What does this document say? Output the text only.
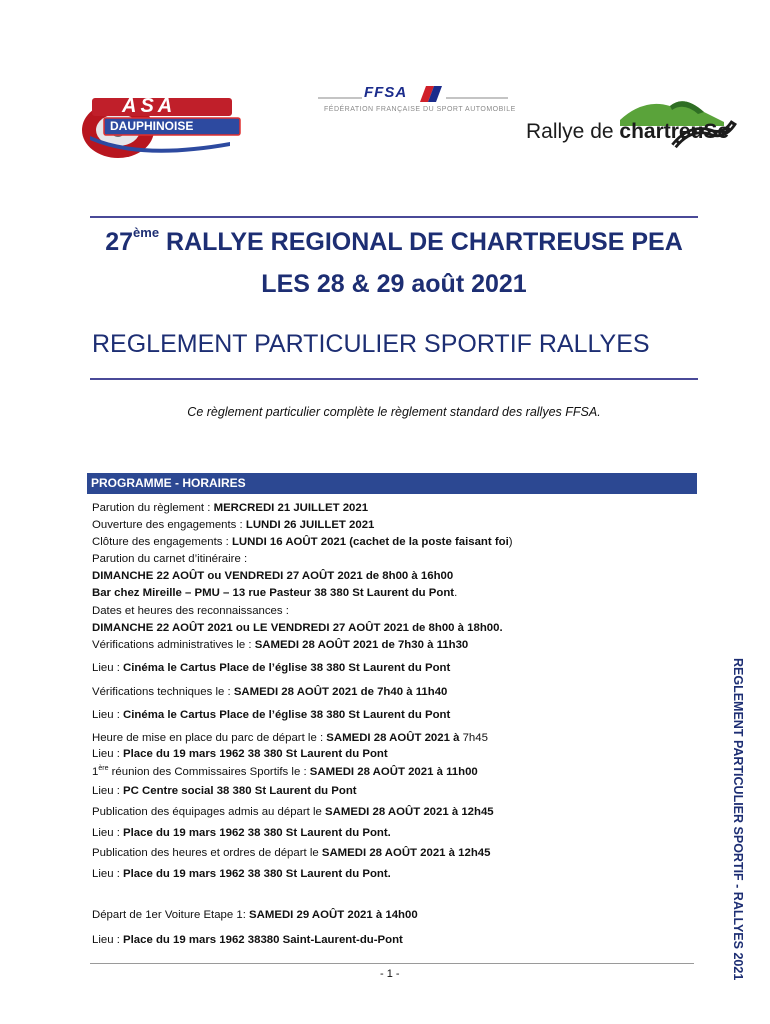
ASA
DAUPHINOISE
FFSA
FÉDÉRATION FRANÇAISE DU SPORT AUTOMOBILE
Rallye de chartreuSe
27ème RALLYE REGIONAL DE CHARTREUSE PEA
LES 28 & 29 août 2021
REGLEMENT PARTICULIER SPORTIF RALLYES
Ce règlement particulier complète le règlement standard des rallyes FFSA.
PROGRAMME - HORAIRES
Parution du règlement : MERCREDI 21 JUILLET 2021
Ouverture des engagements : LUNDI 26 JUILLET 2021
Clôture des engagements : LUNDI 16 AOÛT 2021 (cachet de la poste faisant foi)
Parution du carnet d’itinéraire :
DIMANCHE 22 AOÛT ou VENDREDI 27 AOÛT 2021 de 8h00 à 16h00
Bar chez Mireille – PMU – 13 rue Pasteur 38 380 St Laurent du Pont.
Dates et heures des reconnaissances :
DIMANCHE 22 AOÛT 2021 ou LE VENDREDI 27 AOÛT 2021 de 8h00 à 18h00.
Vérifications administratives le : SAMEDI 28 AOÛT 2021 de 7h30 à 11h30
Lieu : Cinéma le Cartus Place de l’église 38 380 St Laurent du Pont
Vérifications techniques le : SAMEDI 28 AOÛT 2021 de 7h40 à 11h40
Lieu : Cinéma le Cartus Place de l’église 38 380 St Laurent du Pont
Heure de mise en place du parc de départ le : SAMEDI 28 AOÛT 2021 à 7h45
Lieu : Place du 19 mars 1962 38 380 St Laurent du Pont
1ère réunion des Commissaires Sportifs le : SAMEDI 28 AOÛT 2021 à 11h00
Lieu : PC Centre social 38 380 St Laurent du Pont
Publication des équipages admis au départ le SAMEDI 28 AOÛT 2021 à 12h45
Lieu : Place du 19 mars 1962 38 380 St Laurent du Pont.
Publication des heures et ordres de départ le SAMEDI 28 AOÛT 2021 à 12h45
Lieu : Place du 19 mars 1962 38 380 St Laurent du Pont.
Départ de 1er Voiture Etape 1: SAMEDI 29 AOÛT 2021 à 14h00
Lieu : Place du 19 mars 1962 38380 Saint-Laurent-du-Pont	REGLEMENT PARTICULIER SPORTIF - RALLYES 2021
- 1 -
